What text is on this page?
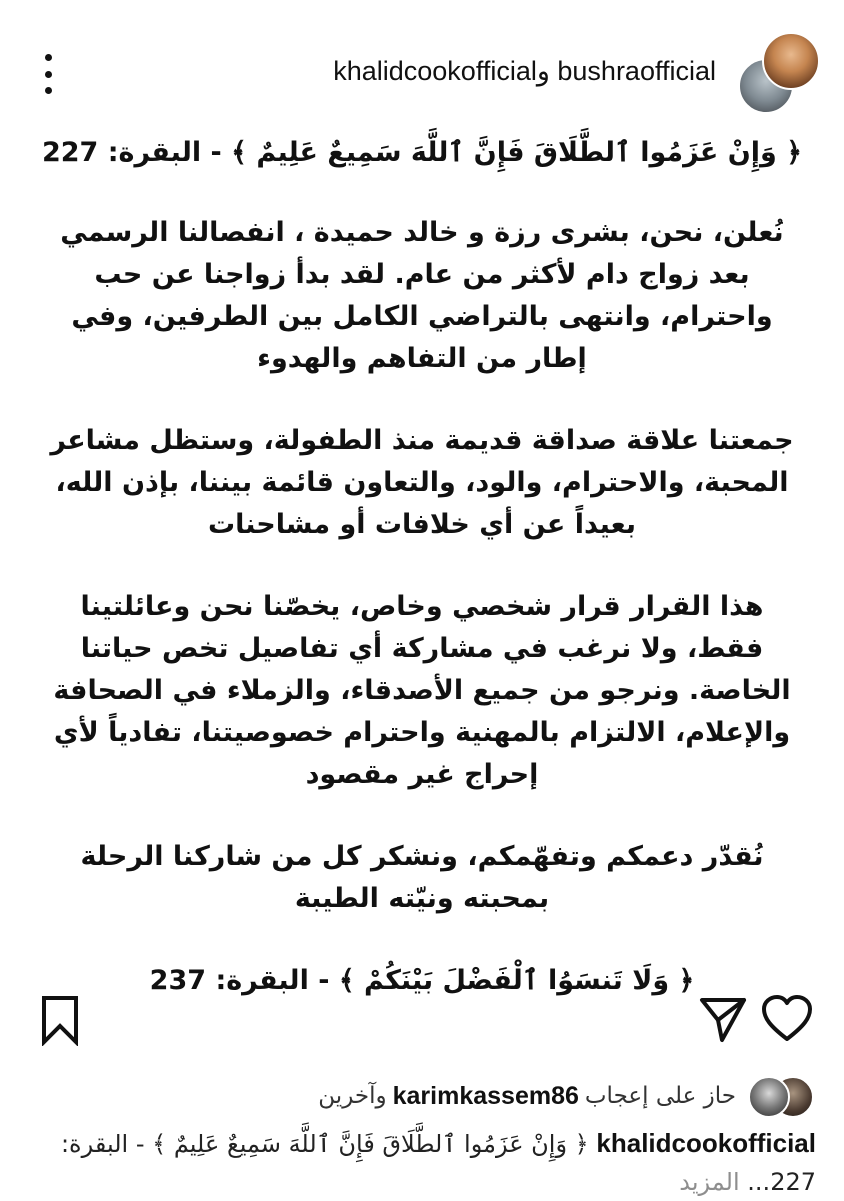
bushraofficial وkhalidcookofficial

﴿ وَإِنْ عَزَمُوا ٱلطَّلَاقَ فَإِنَّ ٱللَّهَ سَمِيعٌ عَلِيمٌ ﴾ - البقرة: 227

نُعلن، نحن، بشرى رزة و خالد حميدة ، انفصالنا الرسمي بعد زواج دام لأكثر من عام. لقد بدأ زواجنا عن حب واحترام، وانتهى بالتراضي الكامل بين الطرفين، وفي إطار من التفاهم والهدوء

جمعتنا علاقة صداقة قديمة منذ الطفولة، وستظل مشاعر المحبة، والاحترام، والود، والتعاون قائمة بيننا، بإذن الله، بعيداً عن أي خلافات أو مشاحنات

هذا القرار قرار شخصي وخاص، يخصّنا نحن وعائلتينا فقط، ولا نرغب في مشاركة أي تفاصيل تخص حياتنا الخاصة. ونرجو من جميع الأصدقاء، والزملاء في الصحافة والإعلام، الالتزام بالمهنية واحترام خصوصيتنا، تفادياً لأي إحراج غير مقصود

نُقدّر دعمكم وتفهّمكم، ونشكر كل من شاركنا الرحلة بمحبته ونيّته الطيبة

﴿ وَلَا تَنسَوُا ٱلْفَضْلَ بَيْنَكُمْ ﴾ - البقرة: 237

حاز على إعجاب
karimkassem86
وآخرين
khalidcookofficial ﴿ وَإِنْ عَزَمُوا ٱلطَّلَاقَ فَإِنَّ ٱللَّهَ سَمِيعٌ عَلِيمٌ ﴾ - البقرة: 227... المزيد
